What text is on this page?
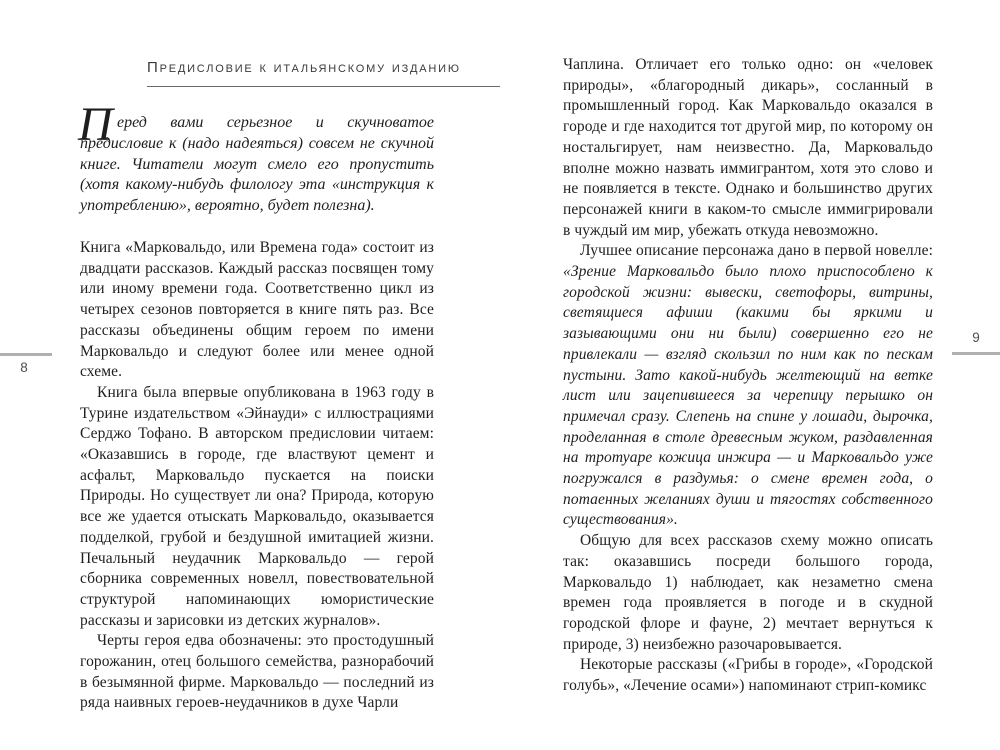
Предисловие к итальянскому изданию
П еред вами серьезное и скучноватое предисловие к (надо надеяться) совсем не скучной книге. Читатели могут смело его пропустить (хотя какому-нибудь филологу эта «инструкция к употреблению», вероятно, будет полезна).

Книга «Марковальдо, или Времена года» состоит из двадцати рассказов. Каждый рассказ посвящен тому или иному времени года. Соответственно цикл из четырех сезонов повторяется в книге пять раз. Все рассказы объединены общим героем по имени Марковальдо и следуют более или менее одной схеме.

Книга была впервые опубликована в 1963 году в Турине издательством «Эйнауди» с иллюстрациями Серджо Тофано. В авторском предисловии читаем: «Оказавшись в городе, где властвуют цемент и асфальт, Марковальдо пускается на поиски Природы. Но существует ли она? Природа, которую все же удается отыскать Марковальдо, оказывается подделкой, грубой и бездушной имитацией жизни. Печальный неудачник Марковальдо — герой сборника современных новелл, повествовательной структурой напоминающих юмористические рассказы и зарисовки из детских журналов».

Черты героя едва обозначены: это простодушный горожанин, отец большого семейства, разнорабочий в безымянной фирме. Марковальдо — последний из ряда наивных героев-неудачников в духе Чарли

Чаплина. Отличает его только одно: он «человек природы», «благородный дикарь», сосланный в промышленный город. Как Марковальдо оказался в городе и где находится тот другой мир, по которому он ностальгирует, нам неизвестно. Да, Марковальдо вполне можно назвать иммигрантом, хотя это слово и не появляется в тексте. Однако и большинство других персонажей книги в каком-то смысле иммигрировали в чуждый им мир, убежать откуда невозможно.

Лучшее описание персонажа дано в первой новелле: «Зрение Марковальдо было плохо приспособлено к городской жизни: вывески, светофоры, витрины, светящиеся афиши (какими бы яркими и зазывающими они ни были) совершенно его не привлекали — взгляд скользил по ним как по пескам пустыни. Зато какой-нибудь желтеющий на ветке лист или зацепившееся за черепицу перышко он примечал сразу. Слепень на спине у лошади, дырочка, проделанная в столе древесным жуком, раздавленная на тротуаре кожица инжира — и Марковальдо уже погружался в раздумья: о смене времен года, о потаенных желаниях души и тягостях собственного существования».

Общую для всех рассказов схему можно описать так: оказавшись посреди большого города, Марковальдо 1) наблюдает, как незаметно смена времен года проявляется в погоде и в скудной городской флоре и фауне, 2) мечтает вернуться к природе, 3) неизбежно разочаровывается.

Некоторые рассказы («Грибы в городе», «Городской голубь», «Лечение осами») напоминают стрип-комикс

8
9
